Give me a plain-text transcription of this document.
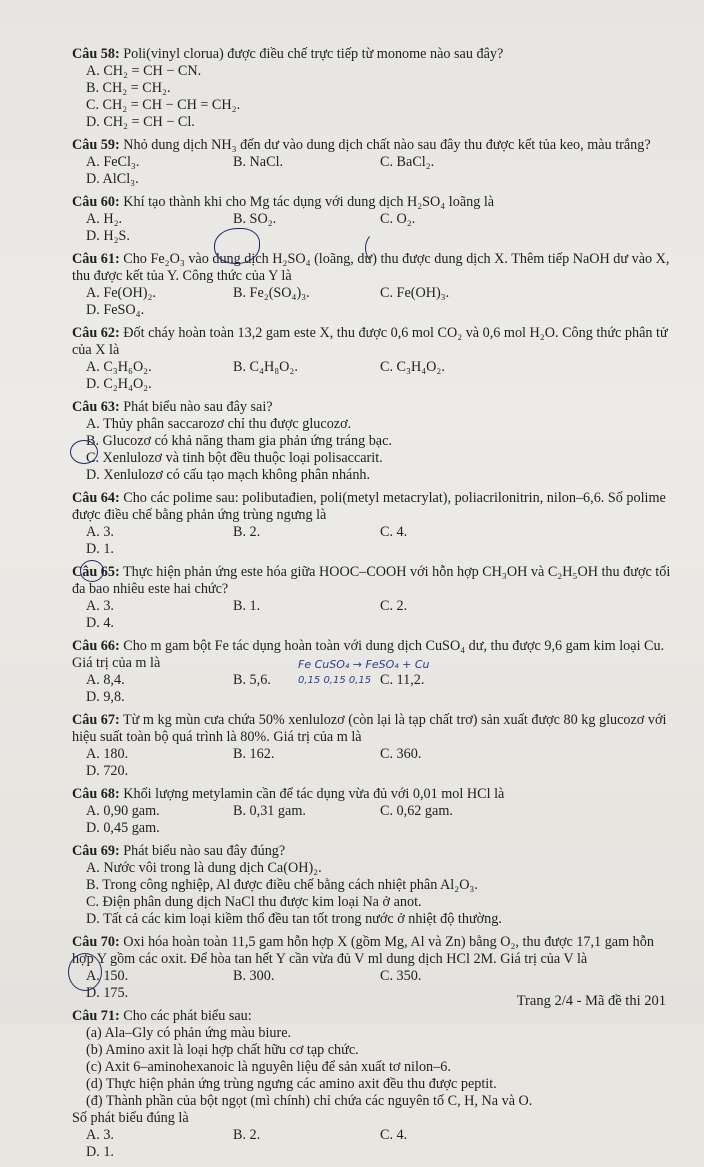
Câu 58: Poli(vinyl clorua) được điều chế trực tiếp từ monome nào sau đây?
A. CH₂ = CH − CN.
B. CH₂ = CH₂.
C. CH₂ = CH − CH = CH₂.
D. CH₂ = CH − Cl.
Câu 59: Nhỏ dung dịch NH₃ đến dư vào dung dịch chất nào sau đây thu được kết tủa keo, màu trắng?
A. FeCl₃.	B. NaCl.	C. BaCl₂.
D. AlCl₃.
Câu 60: Khí tạo thành khi cho Mg tác dụng với dung dịch H₂SO₄ loãng là
A. H₂.	B. SO₂.	C. O₂.
D. H₂S.
Câu 61: Cho Fe₂O₃ vào dung dịch H₂SO₄ (loãng, dư) thu được dung dịch X. Thêm tiếp NaOH dư vào X, thu được kết tủa Y. Công thức của Y là
A. Fe(OH)₂.	B. Fe₂(SO₄)₃.	C. Fe(OH)₃.
D. FeSO₄.
Câu 62: Đốt cháy hoàn toàn 13,2 gam este X, thu được 0,6 mol CO₂ và 0,6 mol H₂O. Công thức phân tử của X là
A. C₃H₆O₂.	B. C₄H₈O₂.	C. C₃H₄O₂.
D. C₂H₄O₂.
Câu 63: Phát biểu nào sau đây sai?
A. Thủy phân saccarozơ chỉ thu được glucozơ.
B. Glucozơ có khả năng tham gia phản ứng tráng bạc.
C. Xenlulozơ và tinh bột đều thuộc loại polisaccarit.
D. Xenlulozơ có cấu tạo mạch không phân nhánh.
Câu 64: Cho các polime sau: polibutađien, poli(metyl metacrylat), poliacrilonitrin, nilon–6,6. Số polime được điều chế bằng phản ứng trùng ngưng là
A. 3.	B. 2.	C. 4.
D. 1.
Câu 65: Thực hiện phản ứng este hóa giữa HOOC–COOH với hỗn hợp CH₃OH và C₂H₅OH thu được tối đa bao nhiêu este hai chức?
A. 3.	B. 1.	C. 2.
D. 4.
Câu 66: Cho m gam bột Fe tác dụng hoàn toàn với dung dịch CuSO₄ dư, thu được 9,6 gam kim loại Cu. Giá trị của m là
A. 8,4.	B. 5,6.	C. 11,2.
D. 9,8.
Fe CuSO₄ → FeSO₄ + Cu
0,15 0,15 0,15
Câu 67: Từ m kg mùn cưa chứa 50% xenlulozơ (còn lại là tạp chất trơ) sản xuất được 80 kg glucozơ với hiệu suất toàn bộ quá trình là 80%. Giá trị của m là
A. 180.	B. 162.	C. 360.
D. 720.
Câu 68: Khối lượng metylamin cần để tác dụng vừa đủ với 0,01 mol HCl là
A. 0,90 gam.	B. 0,31 gam.	C. 0,62 gam.
D. 0,45 gam.
Câu 69: Phát biểu nào sau đây đúng?
A. Nước vôi trong là dung dịch Ca(OH)₂.
B. Trong công nghiệp, Al được điều chế bằng cách nhiệt phân Al₂O₃.
C. Điện phân dung dịch NaCl thu được kim loại Na ở anot.
D. Tất cả các kim loại kiềm thổ đều tan tốt trong nước ở nhiệt độ thường.
Câu 70: Oxi hóa hoàn toàn 11,5 gam hỗn hợp X (gồm Mg, Al và Zn) bằng O₂, thu được 17,1 gam hỗn hợp Y gồm các oxit. Để hòa tan hết Y cần vừa đủ V ml dung dịch HCl 2M. Giá trị của V là
A. 150.	B. 300.	C. 350.
D. 175.
Câu 71: Cho các phát biểu sau:
(a) Ala–Gly có phản ứng màu biure.
(b) Amino axit là loại hợp chất hữu cơ tạp chức.
(c) Axit 6–aminohexanoic là nguyên liệu để sản xuất tơ nilon–6.
(d) Thực hiện phản ứng trùng ngưng các amino axit đều thu được peptit.
(đ) Thành phần của bột ngọt (mì chính) chỉ chứa các nguyên tố C, H, Na và O.
Số phát biểu đúng là
A. 3.	B. 2.	C. 4.
D. 1.
Trang 2/4 - Mã đề thi 201
